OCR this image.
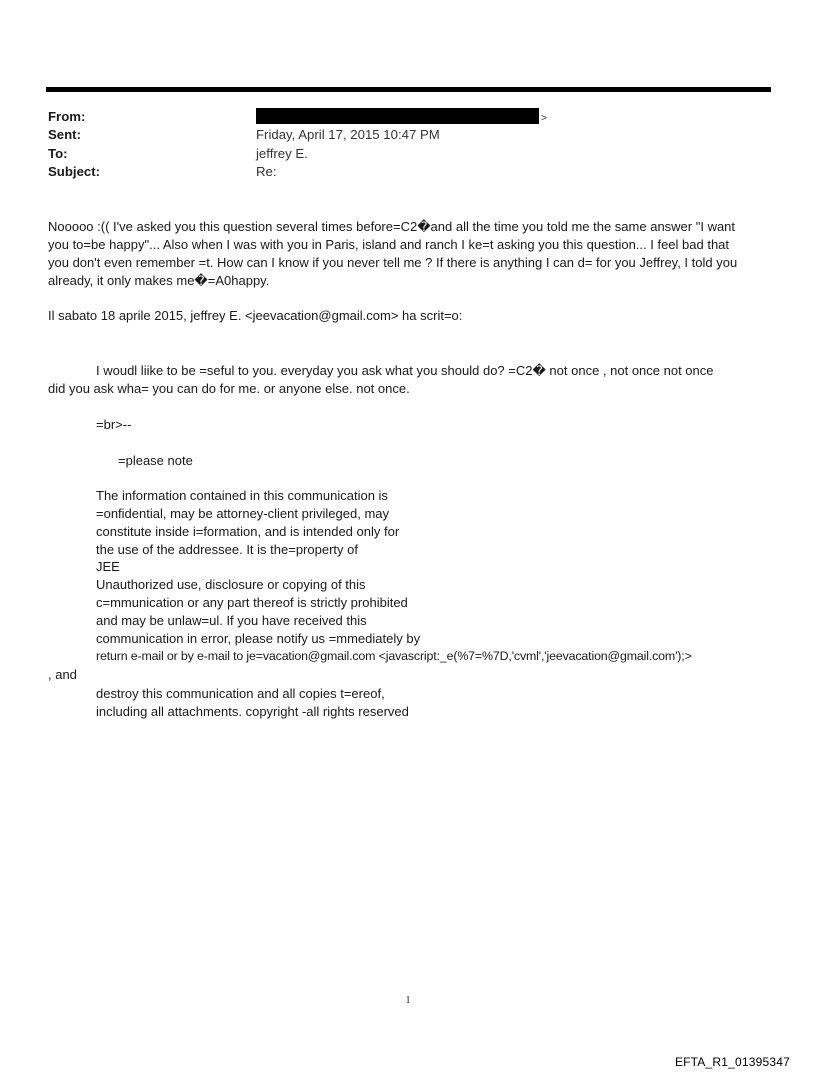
From:	>
Sent:	Friday, April 17, 2015 10:47 PM
To:	jeffrey E.
Subject:	Re:
Nooooo :(( I've asked you this question several times before=C2�and all the time you told me the same answer "I want
you to=be happy"... Also when I was with you in Paris, island and ranch I ke=t asking you this question... I feel bad that
you don't even remember =t. How can I know if you never tell me ? If there is anything I can d= for you Jeffrey, I told you
already, it only makes me�=A0happy.
Il sabato 18 aprile 2015, jeffrey E. <jeevacation@gmail.com> ha scrit=o:
I woudl liike to be =seful to you. everyday you ask what you should do? =C2� not once , not once not once
did you ask wha= you can do for me. or anyone else. not once.
=br>--
=please note
The information contained in this communication is
=onfidential, may be attorney-client privileged, may
constitute inside i=formation, and is intended only for
the use of the addressee. It is the=property of
JEE
Unauthorized use, disclosure or copying of this
c=mmunication or any part thereof is strictly prohibited
and may be unlaw=ul. If you have received this
communication in error, please notify us =mmediately by
return e-mail or by e-mail to je=vacation@gmail.com <javascript:_e(%7=%7D,'cvml','jeevacation@gmail.com');>
, and
destroy this communication and all copies t=ereof,
including all attachments. copyright -all rights reserved
1
EFTA_R1_01395347
